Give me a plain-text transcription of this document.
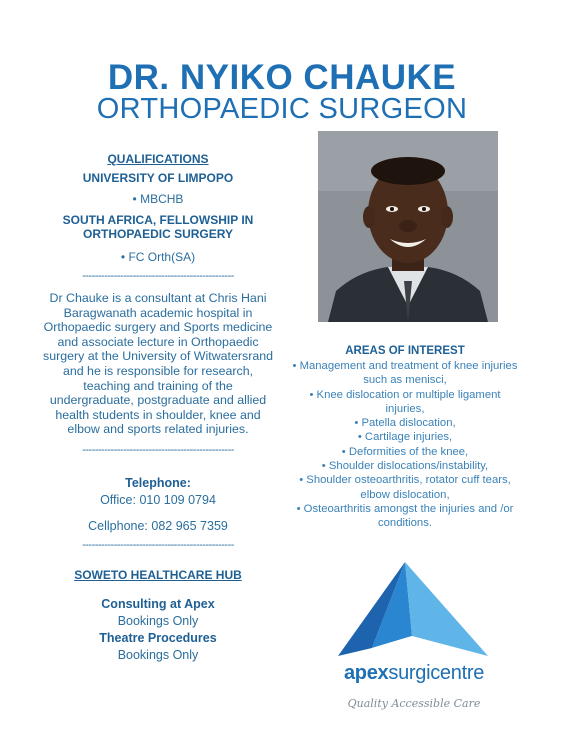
DR. NYIKO CHAUKE
ORTHOPAEDIC SURGEON
QUALIFICATIONS
UNIVERSITY OF LIMPOPO
• MBCHB
SOUTH AFRICA, FELLOWSHIP IN ORTHOPAEDIC SURGERY
• FC Orth(SA)
------------------------------------------------
Dr Chauke is a consultant at Chris Hani Baragwanath academic hospital in Orthopaedic surgery and Sports medicine and associate lecture in Orthopaedic surgery at the University of Witwatersrand and he is responsible for research, teaching and training of the undergraduate, postgraduate and allied health students in shoulder, knee and elbow and sports related injuries.
------------------------------------------------
Telephone:
Office: 010 109 0794
Cellphone: 082 965 7359
------------------------------------------------
SOWETO HEALTHCARE HUB
Consulting at Apex
Bookings Only
Theatre Procedures
Bookings Only
AREAS OF INTEREST
• Management and treatment of knee injuries such as menisci,
• Knee dislocation or multiple ligament injuries,
• Patella dislocation,
• Cartilage injuries,
• Deformities of the knee,
• Shoulder dislocations/instability,
• Shoulder osteoarthritis, rotator cuff tears, elbow dislocation,
• Osteoarthritis amongst the injuries and /or conditions.
apexsurgicentre
Quality Accessible Care
